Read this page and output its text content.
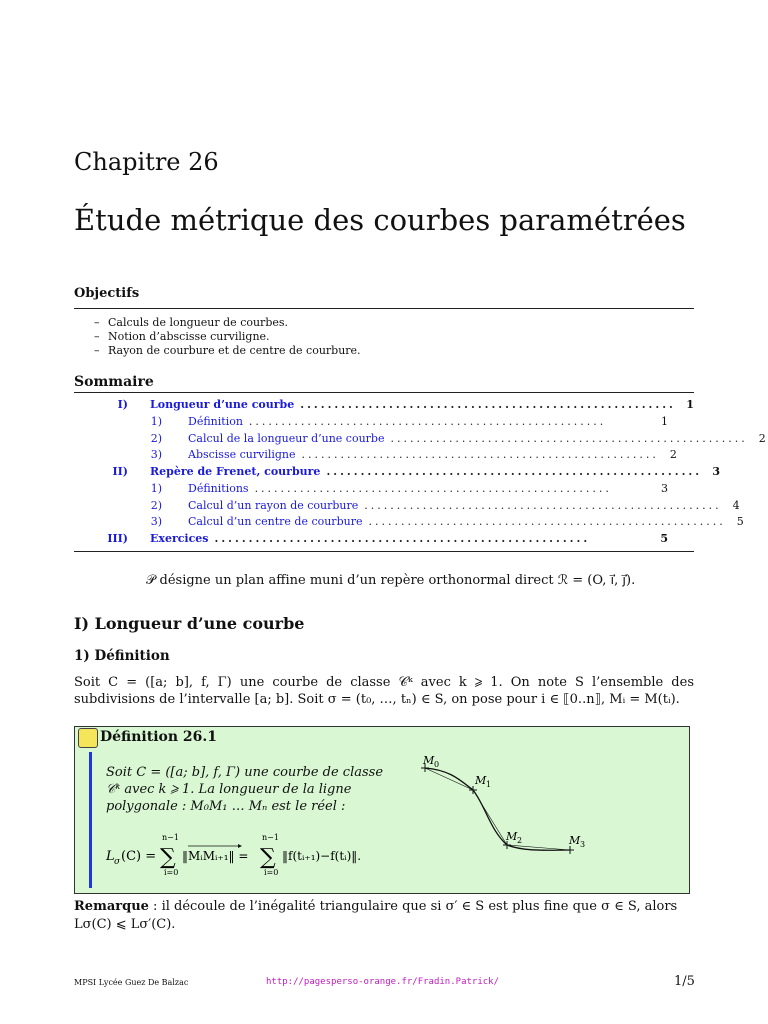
Chapitre 26
Étude métrique des courbes paramétrées
Objectifs
– Calculs de longueur de courbes.
– Notion d’abscisse curviligne.
– Rayon de courbure et de centre de courbure.
Sommaire
I) Longueur d’une courbe ....................................................... 1
1) Définition .......................................................	1
2) Calcul de la longueur d’une courbe .......................................................	2
3) Abscisse curviligne .......................................................	2
II) Repère de Frenet, courbure ....................................................... 3
1) Définitions .......................................................	3
2) Calcul d’un rayon de courbure .......................................................	4
3) Calcul d’un centre de courbure .......................................................	5
III) Exercices .......................................................	5
𝒫 désigne un plan affine muni d’un repère orthonormal direct ℛ = (O, i⃗, j⃗).
I) Longueur d’une courbe
1) Définition
Soit C = ([a; b], f, Γ) une courbe de classe 𝒞ᵏ avec k ⩾ 1. On note S l’ensemble des subdivisions de l’intervalle [a; b]. Soit σ = (t₀, …, tₙ) ∈ S, on pose pour i ∈ ⟦0..n⟧, Mᵢ = M(tᵢ).
Définition 26.1
Soit C = ([a; b], f, Γ) une courbe de classe 𝒞ᵏ avec k ⩾ 1. La longueur de la ligne polygonale : M₀M₁ … Mₙ est le réel :
L σ (C) =
n−1
∑
i=0
‖MᵢMᵢ₊₁‖ =
n−1
∑
i=0
‖f(tᵢ₊₁)−f(tᵢ)‖.
M 0
M 1
M 2	M 3
Remarque : il découle de l’inégalité triangulaire que si σ′ ∈ S est plus fine que σ ∈ S, alors Lσ(C) ⩽ Lσ′(C).
MPSI Lycée Guez De Balzac	http://pagesperso-orange.fr/Fradin.Patrick/	1/5
